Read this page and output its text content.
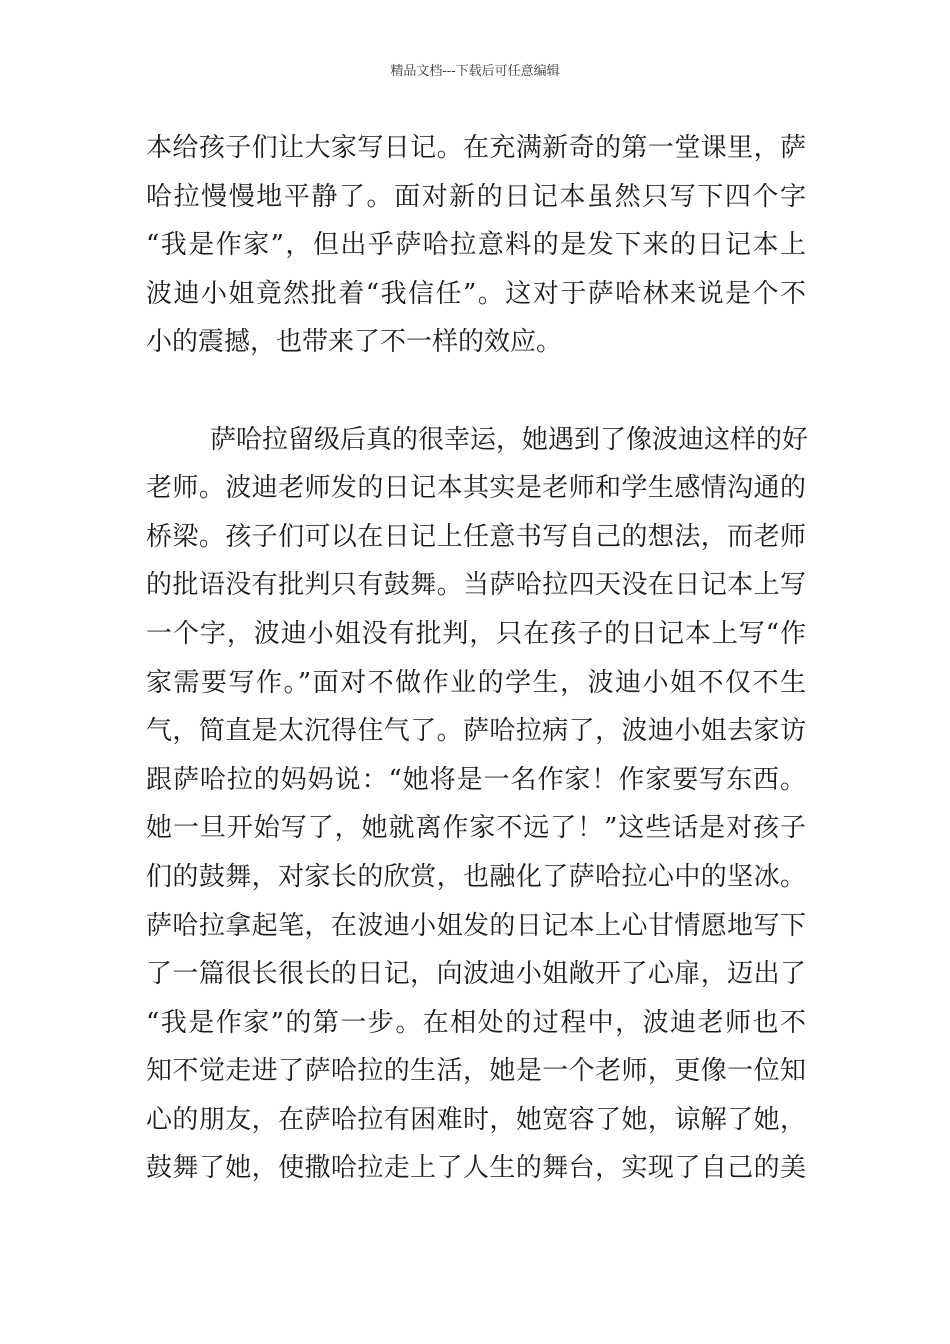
精品文档---下载后可任意编辑
本给孩子们让大家写日记。在充满新奇的第一堂课里，萨
哈拉慢慢地平静了。面对新的日记本虽然只写下四个字
“我是作家”，但出乎萨哈拉意料的是发下来的日记本上
波迪小姐竟然批着“我信任”。这对于萨哈林来说是个不
小的震撼，也带来了不一样的效应。
萨哈拉留级后真的很幸运，她遇到了像波迪这样的好
老师。波迪老师发的日记本其实是老师和学生感情沟通的
桥梁。孩子们可以在日记上任意书写自己的想法，而老师
的批语没有批判只有鼓舞。当萨哈拉四天没在日记本上写
一个字，波迪小姐没有批判，只在孩子的日记本上写“作
家需要写作。”面对不做作业的学生，波迪小姐不仅不生
气，简直是太沉得住气了。萨哈拉病了，波迪小姐去家访
跟萨哈拉的妈妈说：“她将是一名作家！作家要写东西。
她一旦开始写了，她就离作家不远了！”这些话是对孩子
们的鼓舞，对家长的欣赏，也融化了萨哈拉心中的坚冰。
萨哈拉拿起笔，在波迪小姐发的日记本上心甘情愿地写下
了一篇很长很长的日记，向波迪小姐敞开了心扉，迈出了
“我是作家”的第一步。在相处的过程中，波迪老师也不
知不觉走进了萨哈拉的生活，她是一个老师，更像一位知
心的朋友，在萨哈拉有困难时，她宽容了她，谅解了她，
鼓舞了她，使撒哈拉走上了人生的舞台，实现了自己的美
